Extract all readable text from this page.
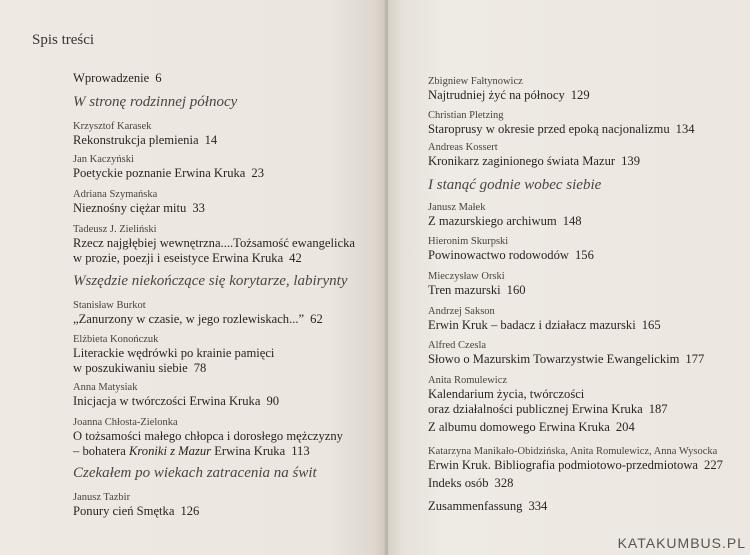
Spis treści
Wprowadzenie 6
W stronę rodzinnej północy
Krzysztof Karasek
Rekonstrukcja plemienia 14
Jan Kaczyński
Poetyckie poznanie Erwina Kruka 23
Adriana Szymańska
Nieznośny ciężar mitu 33
Tadeusz J. Zieliński
Rzecz najgłębiej wewnętrzna....Tożsamość ewangelicka
w prozie, poezji i eseistyce Erwina Kruka 42
Wszędzie niekończące się korytarze, labirynty
Stanisław Burkot
„Zanurzony w czasie, w jego rozlewiskach...” 62
Elżbieta Konończuk
Literackie wędrówki po krainie pamięci
w poszukiwaniu siebie 78
Anna Matysiak
Inicjacja w twórczości Erwina Kruka 90
Joanna Chłosta-Zielonka
O tożsamości małego chłopca i dorosłego mężczyzny
– bohatera Kroniki z Mazur Erwina Kruka 113
Czekałem po wiekach zatracenia na świt
Janusz Tazbir
Ponury cień Smętka 126
Zbigniew Fałtynowicz
Najtrudniej żyć na północy 129
Christian Pletzing
Staroprusy w okresie przed epoką nacjonalizmu 134
Andreas Kossert
Kronikarz zaginionego świata Mazur 139
I stanąć godnie wobec siebie
Janusz Małek
Z mazurskiego archiwum 148
Hieronim Skurpski
Powinowactwo rodowodów 156
Mieczysław Orski
Tren mazurski 160
Andrzej Sakson
Erwin Kruk – badacz i działacz mazurski 165
Alfred Czesla
Słowo o Mazurskim Towarzystwie Ewangelickim 177
Anita Romulewicz
Kalendarium życia, twórczości
oraz działalności publicznej Erwina Kruka 187
Z albumu domowego Erwina Kruka 204
Katarzyna Manikało-Obidzińska, Anita Romulewicz, Anna Wysocka
Erwin Kruk. Bibliografia podmiotowo-przedmiotowa 227
Indeks osób 328
Zusammenfassung 334
KATAKUMBUS.PL
